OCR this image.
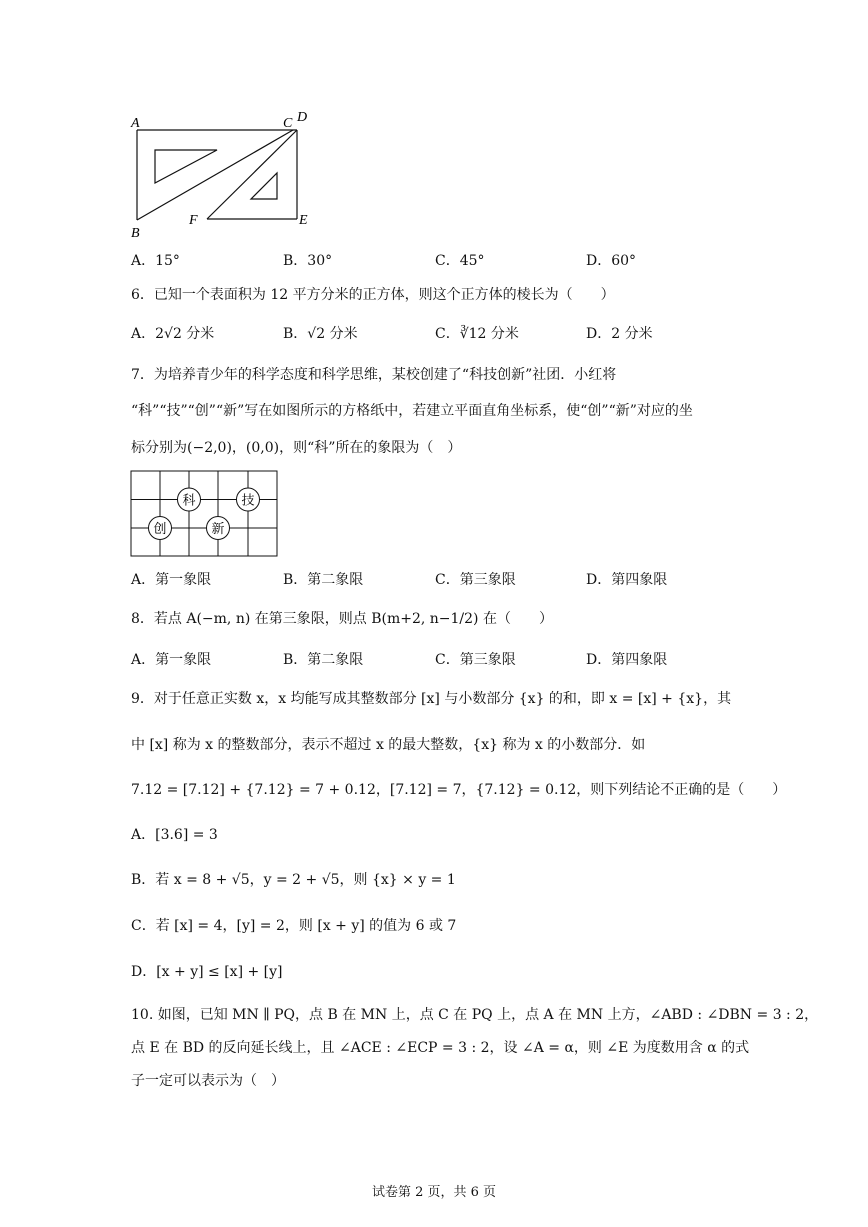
A
B
C D
E
F
A．15°	B．30°	C．45°	D．60°
6．已知一个表面积为 12 平方分米的正方体，则这个正方体的棱长为（　　）
A．2√2 分米	B．√2 分米	C．∛12 分米	D．2 分米
7．为培养青少年的科学态度和科学思维，某校创建了“科技创新”社团．小红将
“科”“技”“创”“新”写在如图所示的方格纸中，若建立平面直角坐标系，使“创”“新”对应的坐
标分别为(−2,0)，(0,0)，则“科”所在的象限为（　）
科	技
创	新
A．第一象限	B．第二象限	C．第三象限	D．第四象限
8．若点 A(−m, n) 在第三象限，则点 B(m+2, n−1/2) 在（　　）
A．第一象限	B．第二象限	C．第三象限	D．第四象限
9．对于任意正实数 x，x 均能写成其整数部分 [x] 与小数部分 {x} 的和，即 x = [x] + {x}，其
中 [x] 称为 x 的整数部分，表示不超过 x 的最大整数，{x} 称为 x 的小数部分．如
7.12 = [7.12] + {7.12} = 7 + 0.12，[7.12] = 7，{7.12} = 0.12，则下列结论不正确的是（　　）
A．[3.6] = 3
B．若 x = 8 + √5，y = 2 + √5，则 {x} × y = 1
C．若 [x] = 4，[y] = 2，则 [x + y] 的值为 6 或 7
D．[x + y] ≤ [x] + [y]
10. 如图，已知 MN ∥ PQ，点 B 在 MN 上，点 C 在 PQ 上，点 A 在 MN 上方，∠ABD : ∠DBN = 3 : 2，
点 E 在 BD 的反向延长线上，且 ∠ACE : ∠ECP = 3 : 2，设 ∠A = α，则 ∠E 为度数用含 α 的式
子一定可以表示为（　）
试卷第 2 页，共 6 页
